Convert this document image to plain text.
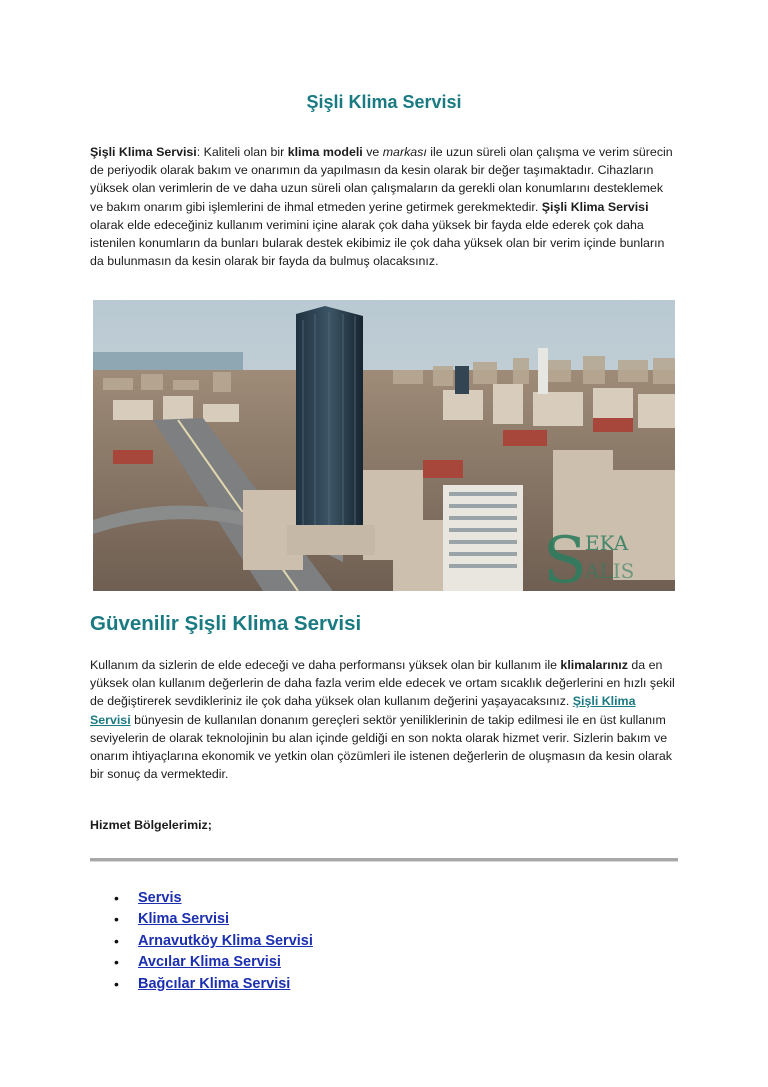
Şişli Klima Servisi

Şişli Klima Servisi: Kaliteli olan bir klima modeli ve markası ile uzun süreli olan çalışma ve verim sürecin de periyodik olarak bakım ve onarımın da yapılmasın da kesin olarak bir değer taşımaktadır. Cihazların yüksek olan verimlerin de ve daha uzun süreli olan çalışmaların da gerekli olan konumlarını desteklemek ve bakım onarım gibi işlemlerini de ihmal etmeden yerine getirmek gerekmektedir. Şişli Klima Servisi olarak elde edeceğiniz kullanım verimini içine alarak çok daha yüksek bir fayda elde ederek çok daha istenilen konumların da bunları bularak destek ekibimiz ile çok daha yüksek olan bir verim içinde bunların da bulunmasın da kesin olarak bir fayda da bulmuş olacaksınız.

S
EKA
ALIS
Güvenilir Şişli Klima Servisi

Kullanım da sizlerin de elde edeceği ve daha performansı yüksek olan bir kullanım ile klimalarınız da en yüksek olan kullanım değerlerin de daha fazla verim elde edecek ve ortam sıcaklık değerlerini en hızlı şekil de değiştirerek sevdikleriniz ile çok daha yüksek olan kullanım değerini yaşayacaksınız. Şişli Klima Servisi bünyesin de kullanılan donanım gereçleri sektör yeniliklerinin de takip edilmesi ile en üst kullanım seviyelerin de olarak teknolojinin bu alan içinde geldiği en son nokta olarak hizmet verir. Sizlerin bakım ve onarım ihtiyaçlarına ekonomik ve yetkin olan çözümleri ile istenen değerlerin de oluşmasın da kesin olarak bir sonuç da vermektedir.

Hizmet Bölgelerimiz;

•	Servis
•	Klima Servisi
•	Arnavutköy Klima Servisi
•	Avcılar Klima Servisi
•	Bağcılar Klima Servisi
